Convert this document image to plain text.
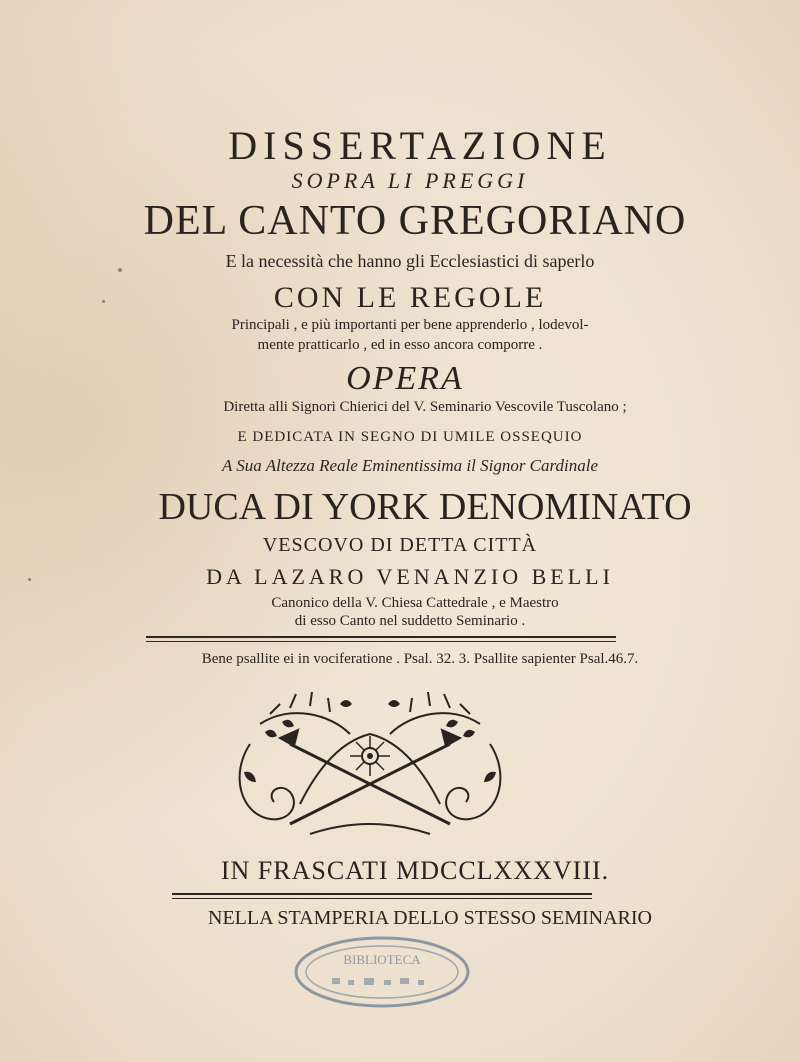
DISSERTAZIONE
SOPRA LI PREGGI
DEL CANTO GREGORIANO
E la necessità che hanno gli Ecclesiastici di saperlo
CON LE REGOLE
Principali , e più importanti per bene apprenderlo , lodevol-
mente pratticarlo , ed in esso ancora comporre .
OPERA
Diretta alli Signori Chierici del V. Seminario Vescovile Tuscolano ;
E DEDICATA IN SEGNO DI UMILE OSSEQUIO
A Sua Altezza Reale Eminentissima il Signor Cardinale
DUCA DI YORK DENOMINATO
VESCOVO DI DETTA CITTÀ
DA LAZARO VENANZIO BELLI
Canonico della V. Chiesa Cattedrale , e Maestro
di esso Canto nel suddetto Seminario .
Bene psallite ei in vociferatione . Psal. 32. 3. Psallite sapienter Psal.46.7.
IN FRASCATI MDCCLXXXVIII.
NELLA STAMPERIA DELLO STESSO SEMINARIO
BIBLIOTECA
